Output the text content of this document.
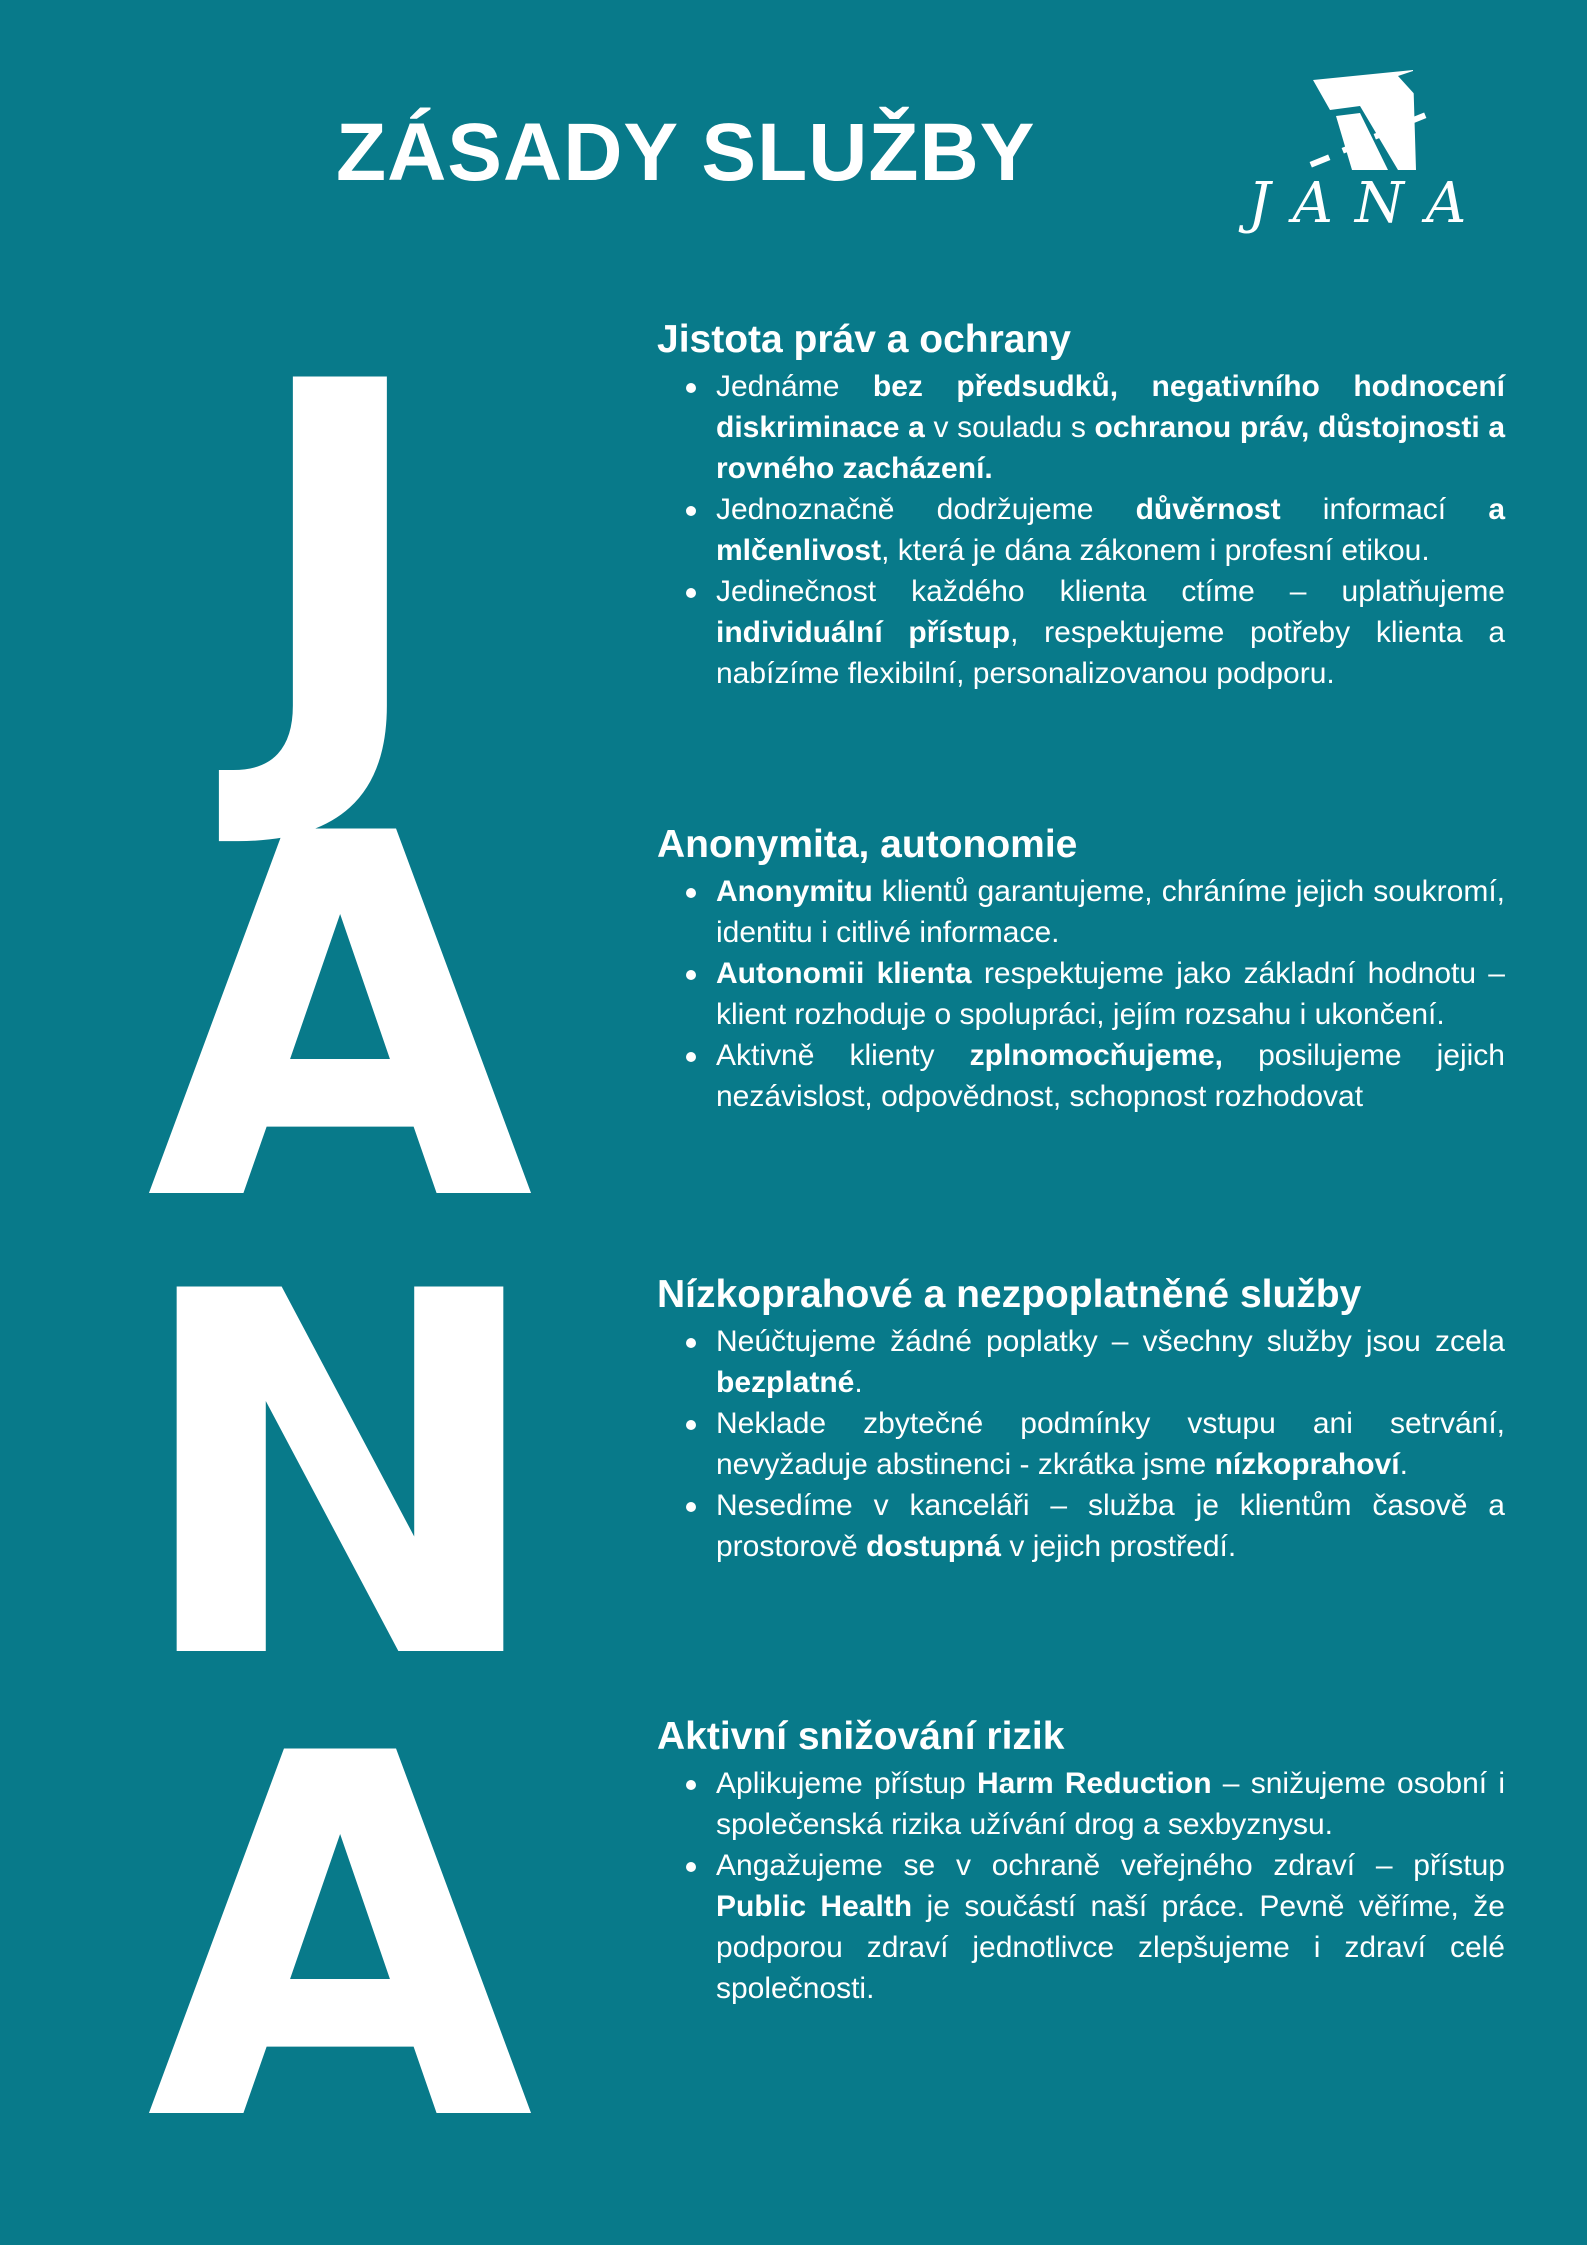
ZÁSADY SLUŽBY
JANA
J
A
N
A
Jistota práv a ochrany
Jednáme bez předsudků, negativního hodnocení diskriminace a v souladu s ochranou práv, důstojnosti a rovného zacházení.
Jednoznačně dodržujeme důvěrnost informací a mlčenlivost, která je dána zákonem i profesní etikou.
Jedinečnost každého klienta ctíme – uplatňujeme individuální přístup, respektujeme potřeby klienta a nabízíme flexibilní, personalizovanou podporu.
Anonymita, autonomie
Anonymitu klientů garantujeme, chráníme jejich soukromí, identitu i citlivé informace.
Autonomii klienta respektujeme jako základní hodnotu – klient rozhoduje o spolupráci, jejím rozsahu i ukončení.
Aktivně klienty zplnomocňujeme, posilujeme jejich nezávislost, odpovědnost, schopnost rozhodovat
Nízkoprahové a nezpoplatněné služby
Neúčtujeme žádné poplatky – všechny služby jsou zcela bezplatné.
Neklade zbytečné podmínky vstupu ani setrvání, nevyžaduje abstinenci - zkrátka jsme nízkoprahoví.
Nesedíme v kanceláři – služba je klientům časově a prostorově dostupná v jejich prostředí.
Aktivní snižování rizik
Aplikujeme přístup Harm Reduction – snižujeme osobní i společenská rizika užívání drog a sexbyznysu.
Angažujeme se v ochraně veřejného zdraví – přístup Public Health je součástí naší práce. Pevně věříme, že podporou zdraví jednotlivce zlepšujeme i zdraví celé společnosti.
